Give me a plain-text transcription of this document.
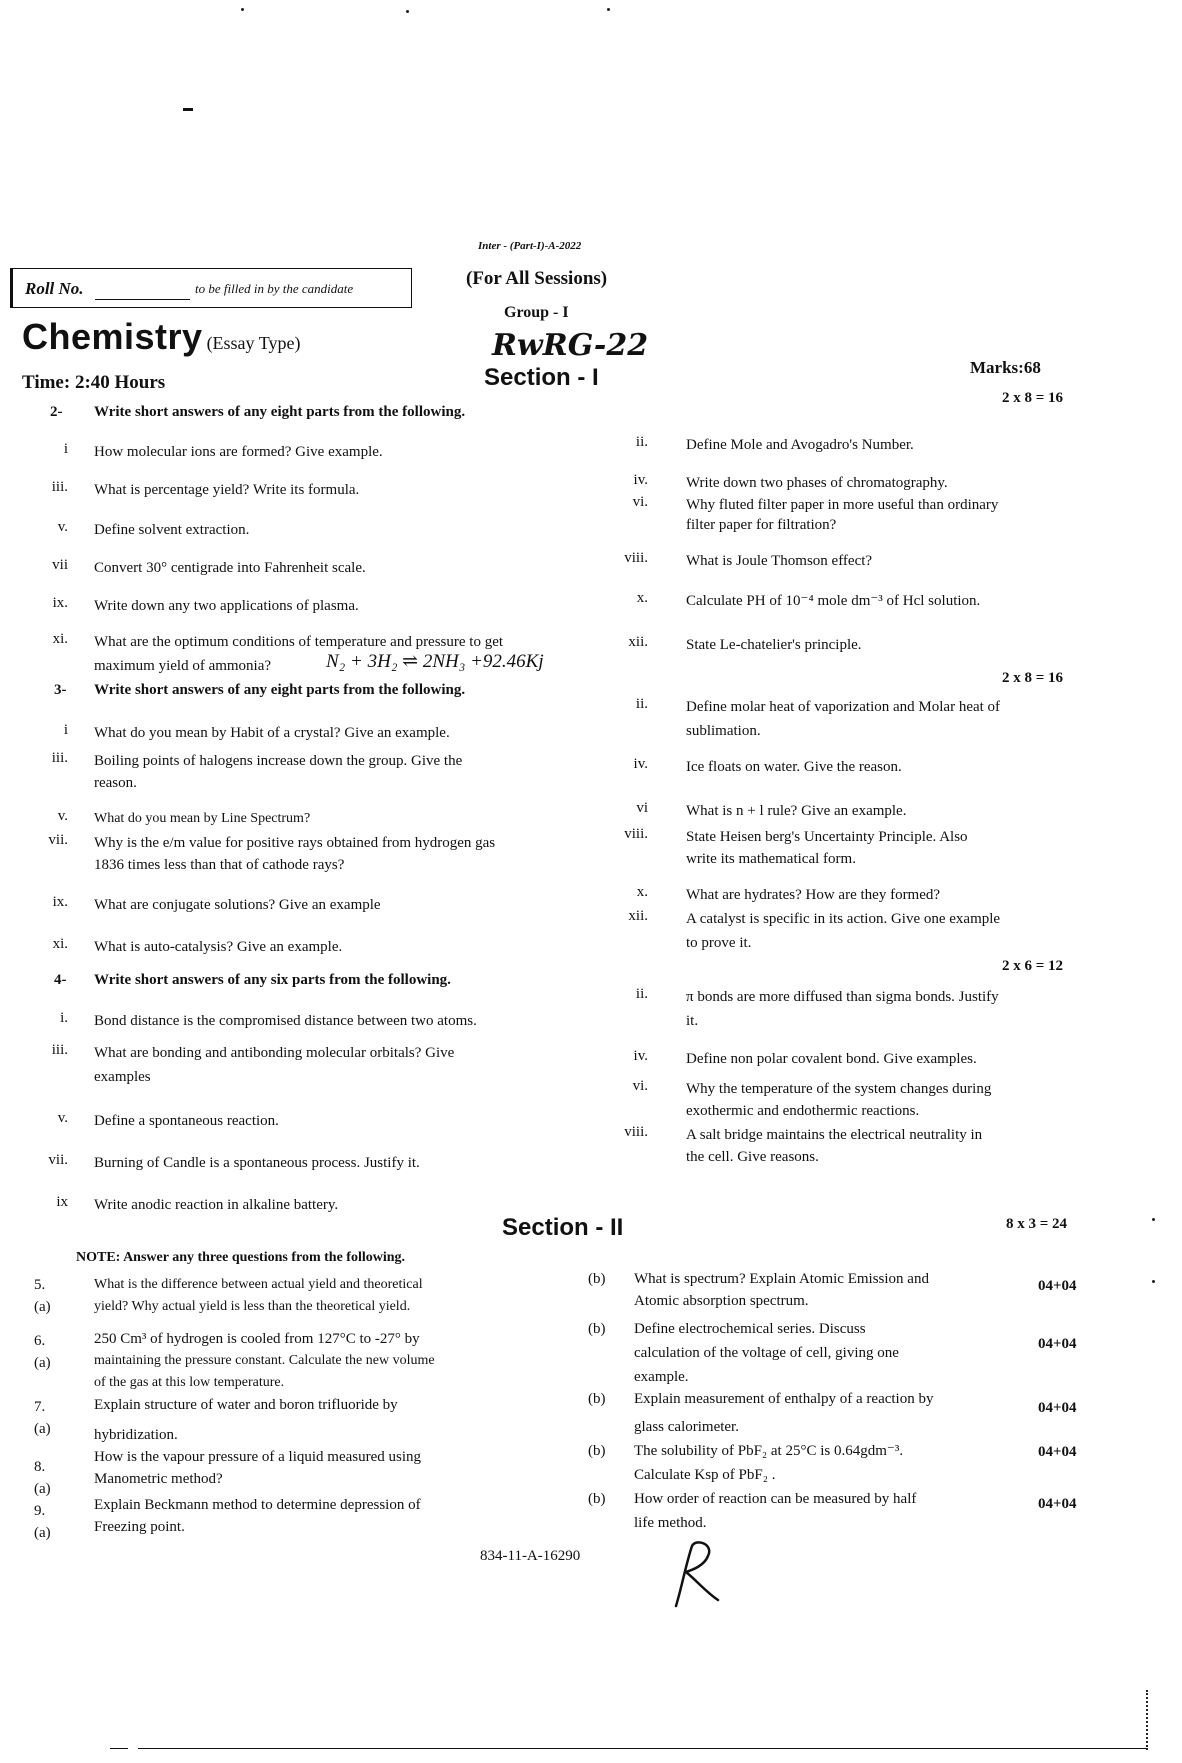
Inter - (Part-I)-A-2022
(For All Sessions)
Group - I
RwRG-22
Roll No.	to be filled in by the candidate
Chemistry (Essay Type)
Time: 2:40 Hours	Section - I	Marks:68
2 x 8 = 16
2- Write short answers of any eight parts from the following.
i How molecular ions are formed? Give example.
iii. What is percentage yield? Write its formula.
v. Define solvent extraction.
vii Convert 30° centigrade into Fahrenheit scale.
ix. Write down any two applications of plasma.
xi. What are the optimum conditions of temperature and pressure to get
maximum yield of ammonia?	N₂ + 3H₂ ⇌ 2NH₃ +92.46Kj
ii.	Define Mole and Avogadro's Number.
iv.	Write down two phases of chromatography.
vi.	Why fluted filter paper in more useful than ordinary
filter paper for filtration?
viii.	What is Joule Thomson effect?
x.	Calculate PH of 10⁻⁴ mole dm⁻³ of Hcl solution.
xii.	State Le-chatelier's principle.
2 x 8 = 16
3- Write short answers of any eight parts from the following.
i What do you mean by Habit of a crystal? Give an example.
iii. Boiling points of halogens increase down the group. Give the
reason.
v. What do you mean by Line Spectrum?
vii. Why is the e/m value for positive rays obtained from hydrogen gas
1836 times less than that of cathode rays?
ix. What are conjugate solutions? Give an example
xi. What is auto-catalysis? Give an example.
ii.	Define molar heat of vaporization and Molar heat of
sublimation.
iv.	Ice floats on water. Give the reason.
vi	What is n + l rule? Give an example.
viii.	State Heisen berg's Uncertainty Principle. Also
write its mathematical form.
x.	What are hydrates? How are they formed?
xii.	A catalyst is specific in its action. Give one example
to prove it.
2 x 6 = 12
4- Write short answers of any six parts from the following.
i. Bond distance is the compromised distance between two atoms.
iii. What are bonding and antibonding molecular orbitals? Give
examples
v. Define a spontaneous reaction.
vii. Burning of Candle is a spontaneous process. Justify it.
ix Write anodic reaction in alkaline battery.
ii.	π bonds are more diffused than sigma bonds. Justify
it.
iv.	Define non polar covalent bond. Give examples.
vi.	Why the temperature of the system changes during
exothermic and endothermic reactions.
viii.	A salt bridge maintains the electrical neutrality in
the cell. Give reasons.
Section - II	8 x 3 = 24
NOTE: Answer any three questions from the following.
5.(a)
What is the difference between actual yield and theoretical
yield? Why actual yield is less than the theoretical yield.
(b) What is spectrum? Explain Atomic Emission and
Atomic absorption spectrum.
04+04
6.(a)
250 Cm³ of hydrogen is cooled from 127°C to -27° by
maintaining the pressure constant. Calculate the new volume
of the gas at this low temperature.
(b) Define electrochemical series. Discuss
calculation of the voltage of cell, giving one
example.
04+04
7.(a)
Explain structure of water and boron trifluoride by
hybridization.
(b) Explain measurement of enthalpy of a reaction by
glass calorimeter.
04+04
8.(a)
How is the vapour pressure of a liquid measured using
Manometric method?
(b) The solubility of PbF₂ at 25°C is 0.64gdm⁻³.
Calculate Ksp of PbF₂ .
04+04
9.(a)
Explain Beckmann method to determine depression of
Freezing point.
(b) How order of reaction can be measured by half
life method.
04+04
834-11-A-16290
